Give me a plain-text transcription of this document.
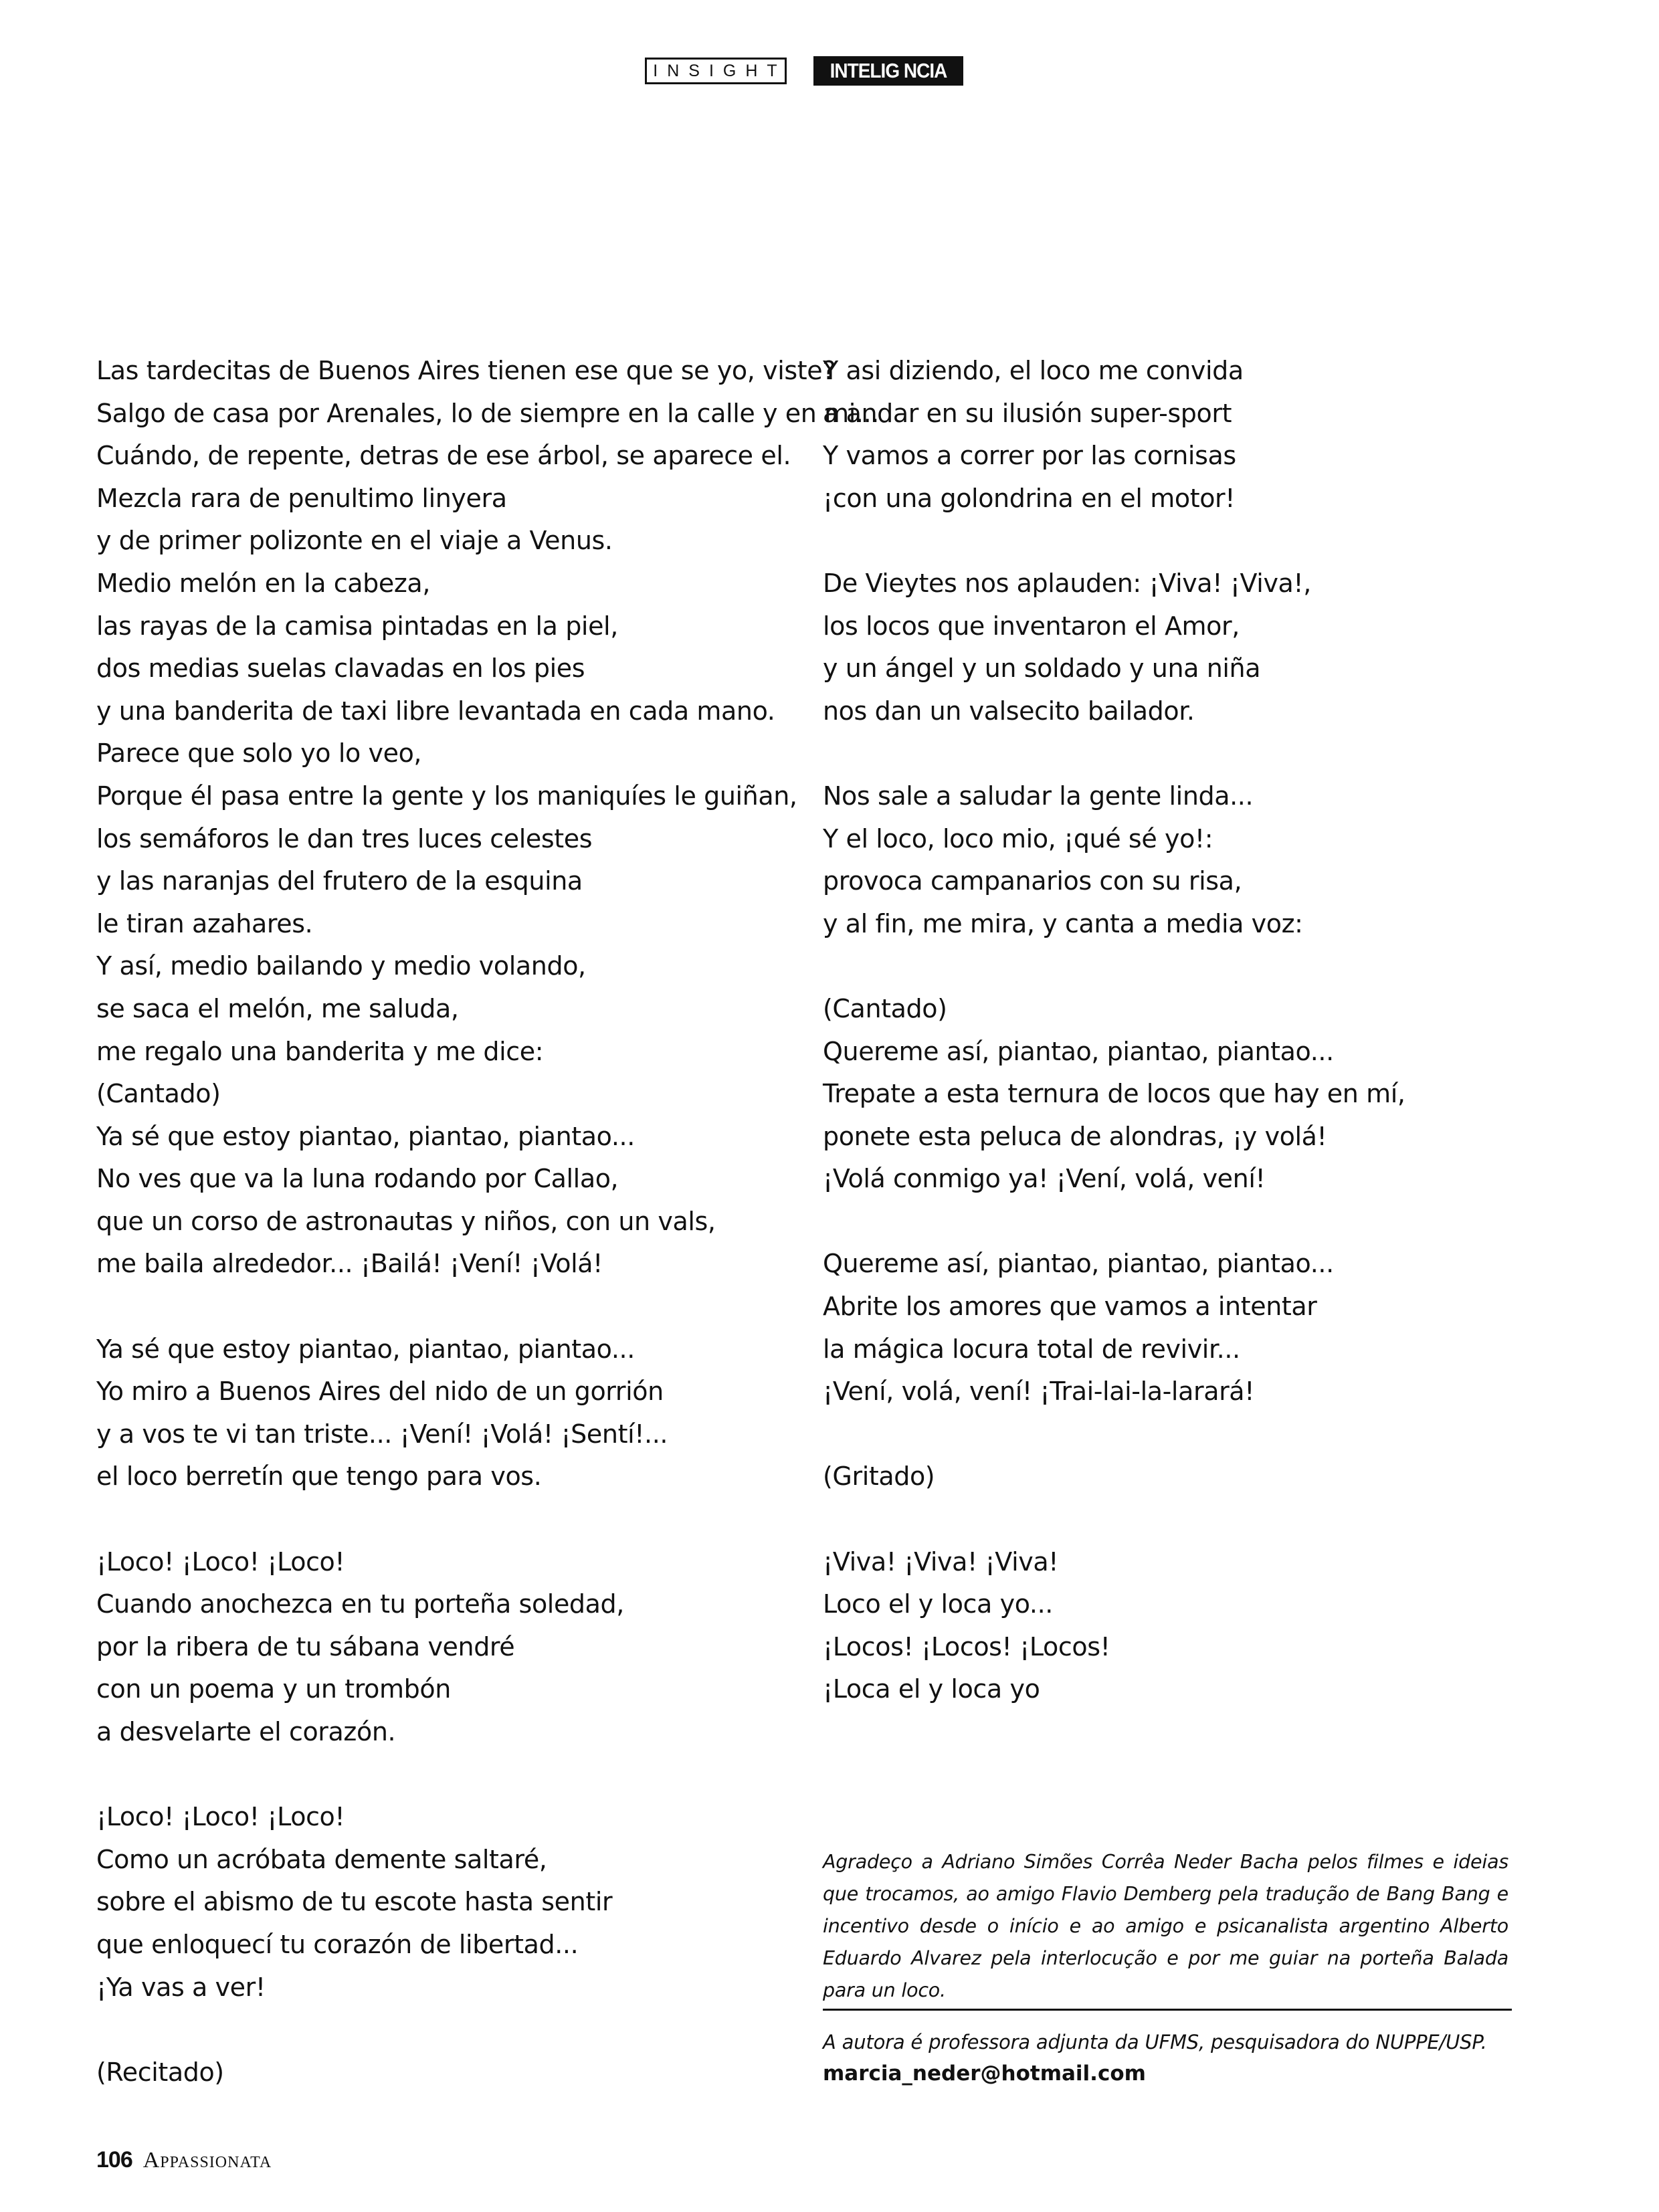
INSIGHT	INTELIG NCIA
Las tardecitas de Buenos Aires tienen ese que se yo, viste?
Salgo de casa por Arenales, lo de siempre en la calle y en mi...
Cuándo, de repente, detras de ese árbol, se aparece el.
Mezcla rara de penultimo linyera
y de primer polizonte en el viaje a Venus.
Medio melón en la cabeza,
las rayas de la camisa pintadas en la piel,
dos medias suelas clavadas en los pies
y una banderita de taxi libre levantada en cada mano.
Parece que solo yo lo veo,
Porque él pasa entre la gente y los maniquíes le guiñan,
los semáforos le dan tres luces celestes
y las naranjas del frutero de la esquina
le tiran azahares.
Y así, medio bailando y medio volando,
se saca el melón, me saluda,
me regalo una banderita y me dice:
(Cantado)
Ya sé que estoy piantao, piantao, piantao...
No ves que va la luna rodando por Callao,
que un corso de astronautas y niños, con un vals,
me baila alrededor... ¡Bailá! ¡Vení! ¡Volá!
Ya sé que estoy piantao, piantao, piantao...
Yo miro a Buenos Aires del nido de un gorrión
y a vos te vi tan triste... ¡Vení! ¡Volá! ¡Sentí!...
el loco berretín que tengo para vos.
¡Loco! ¡Loco! ¡Loco!
Cuando anochezca en tu porteña soledad,
por la ribera de tu sábana vendré
con un poema y un trombón
a desvelarte el corazón.
¡Loco! ¡Loco! ¡Loco!
Como un acróbata demente saltaré,
sobre el abismo de tu escote hasta sentir
que enloquecí tu corazón de libertad...
¡Ya vas a ver!
(Recitado)
Y asi diziendo, el loco me convida
a andar en su ilusión super-sport
Y vamos a correr por las cornisas
¡con una golondrina en el motor!
De Vieytes nos aplauden: ¡Viva! ¡Viva!,
los locos que inventaron el Amor,
y un ángel y un soldado y una niña
nos dan un valsecito bailador.
Nos sale a saludar la gente linda...
Y el loco, loco mio, ¡qué sé yo!:
provoca campanarios con su risa,
y al fin, me mira, y canta a media voz:
(Cantado)
Quereme así, piantao, piantao, piantao...
Trepate a esta ternura de locos que hay en mí,
ponete esta peluca de alondras, ¡y volá!
¡Volá conmigo ya! ¡Vení, volá, vení!
Quereme así, piantao, piantao, piantao...
Abrite los amores que vamos a intentar
la mágica locura total de revivir...
¡Vení, volá, vení! ¡Trai-lai-la-larará!
(Gritado)
¡Viva! ¡Viva! ¡Viva!
Loco el y loca yo...
¡Locos! ¡Locos! ¡Locos!
¡Loca el y loca yo
Agradeço a Adriano Simões Corrêa Neder Bacha pelos filmes e ideias que trocamos, ao amigo Flavio Demberg pela tradução de Bang Bang e incentivo desde o início e ao amigo e psicanalista argentino Alberto Eduardo Alvarez pela interlocução e por me guiar na porteña Balada para un loco.
A autora é professora adjunta da UFMS, pesquisadora do NUPPE/USP.
marcia_neder@hotmail.com
106 Appassionata
